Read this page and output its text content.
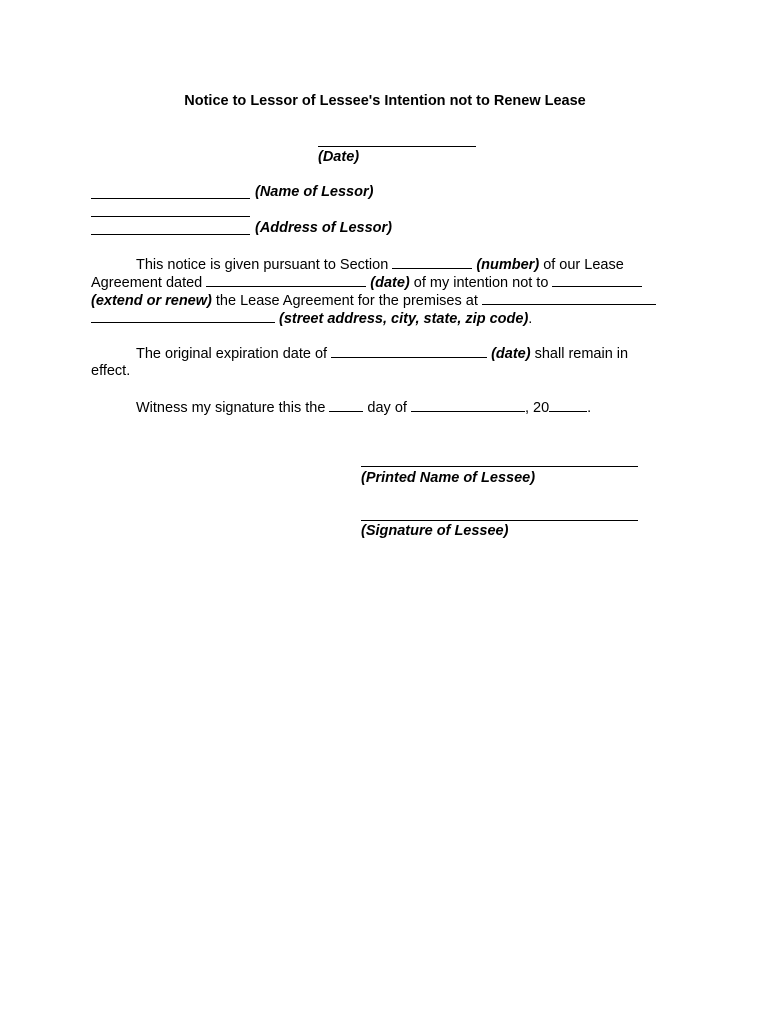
Notice to Lessor of Lessee's Intention not to Renew Lease
(Date)
(Name of Lessor)
(Address of Lessor)
This notice is given pursuant to Section	(number) of our Lease
Agreement dated	(date) of my intention not to
(extend or renew) the Lease Agreement for the premises at
(street address, city, state, zip code).
The original expiration date of	(date) shall remain in
effect.
Witness my signature this the	day of	, 20	.
(Printed Name of Lessee)
(Signature of Lessee)
